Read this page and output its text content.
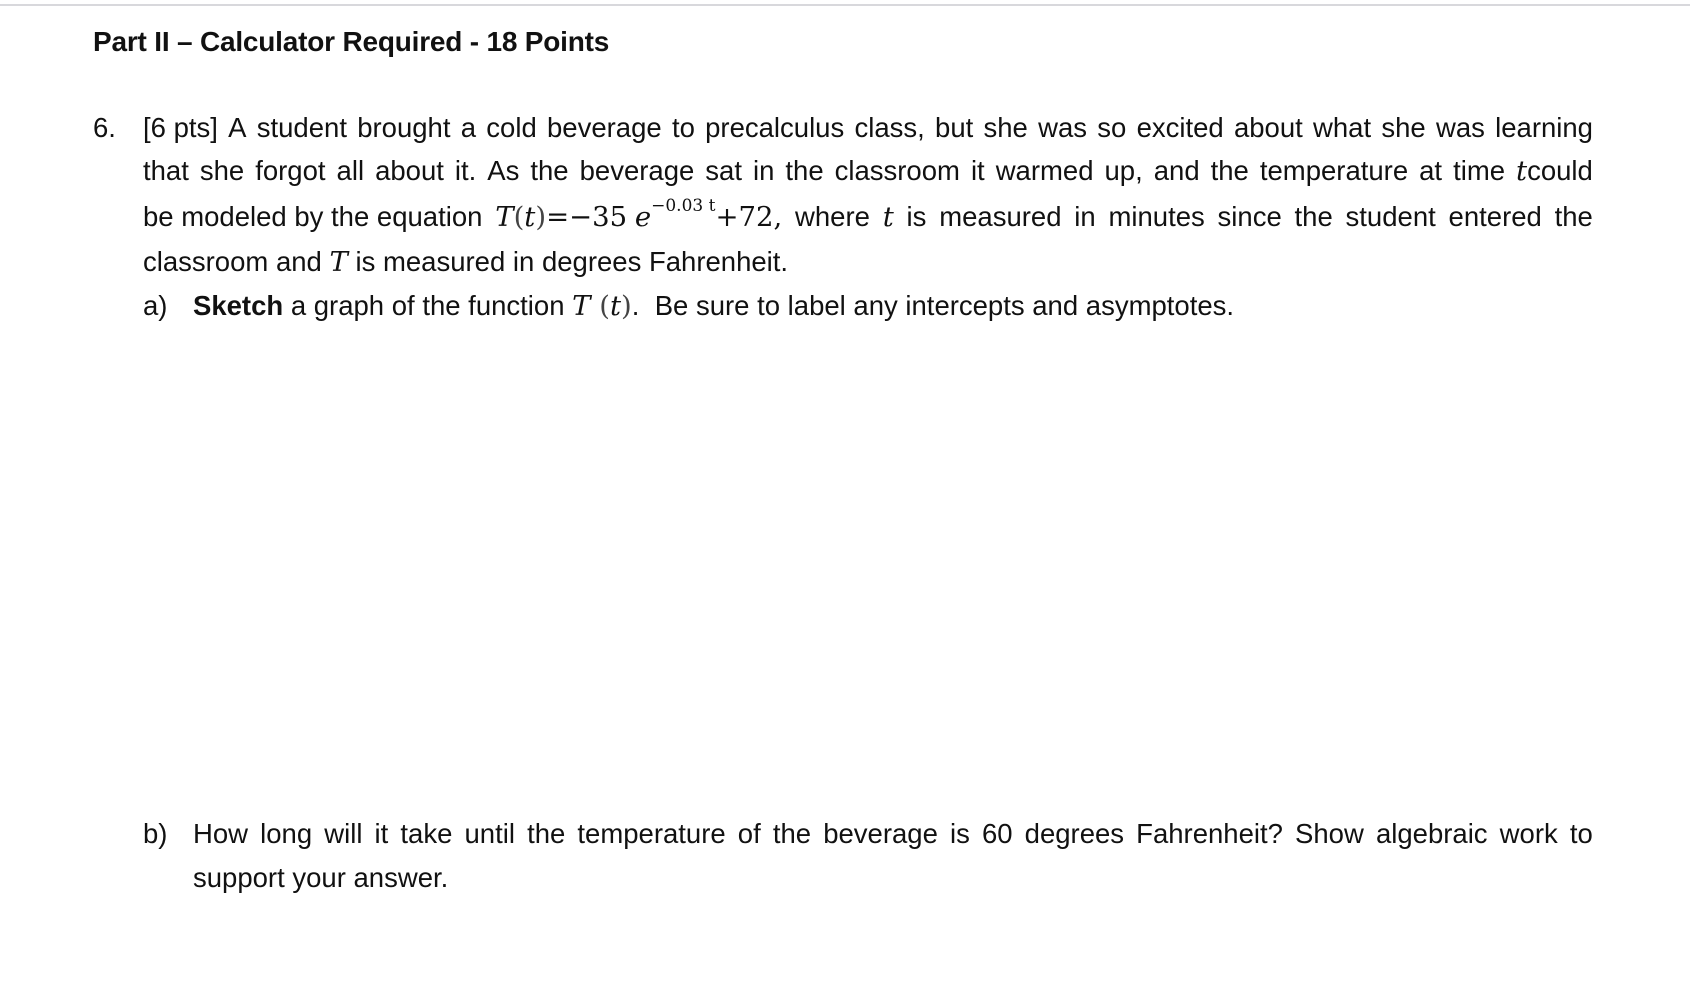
Part II – Calculator Required - 18 Points
6. [6 pts] A student brought a cold beverage to precalculus class, but she was so excited about what she was learning
that she forgot all about it. As the beverage sat in the classroom it warmed up, and the temperature at time tcould
be modeled by the equation T(t)=−35 $e^{-0.03 t}+72$, where t is measured in minutes since the student entered the
classroom and T is measured in degrees Fahrenheit.
a) Sketch a graph of the function T (t).  Be sure to label any intercepts and asymptotes.
b) How long will it take until the temperature of the beverage is 60 degrees Fahrenheit? Show algebraic work to
support your answer.
